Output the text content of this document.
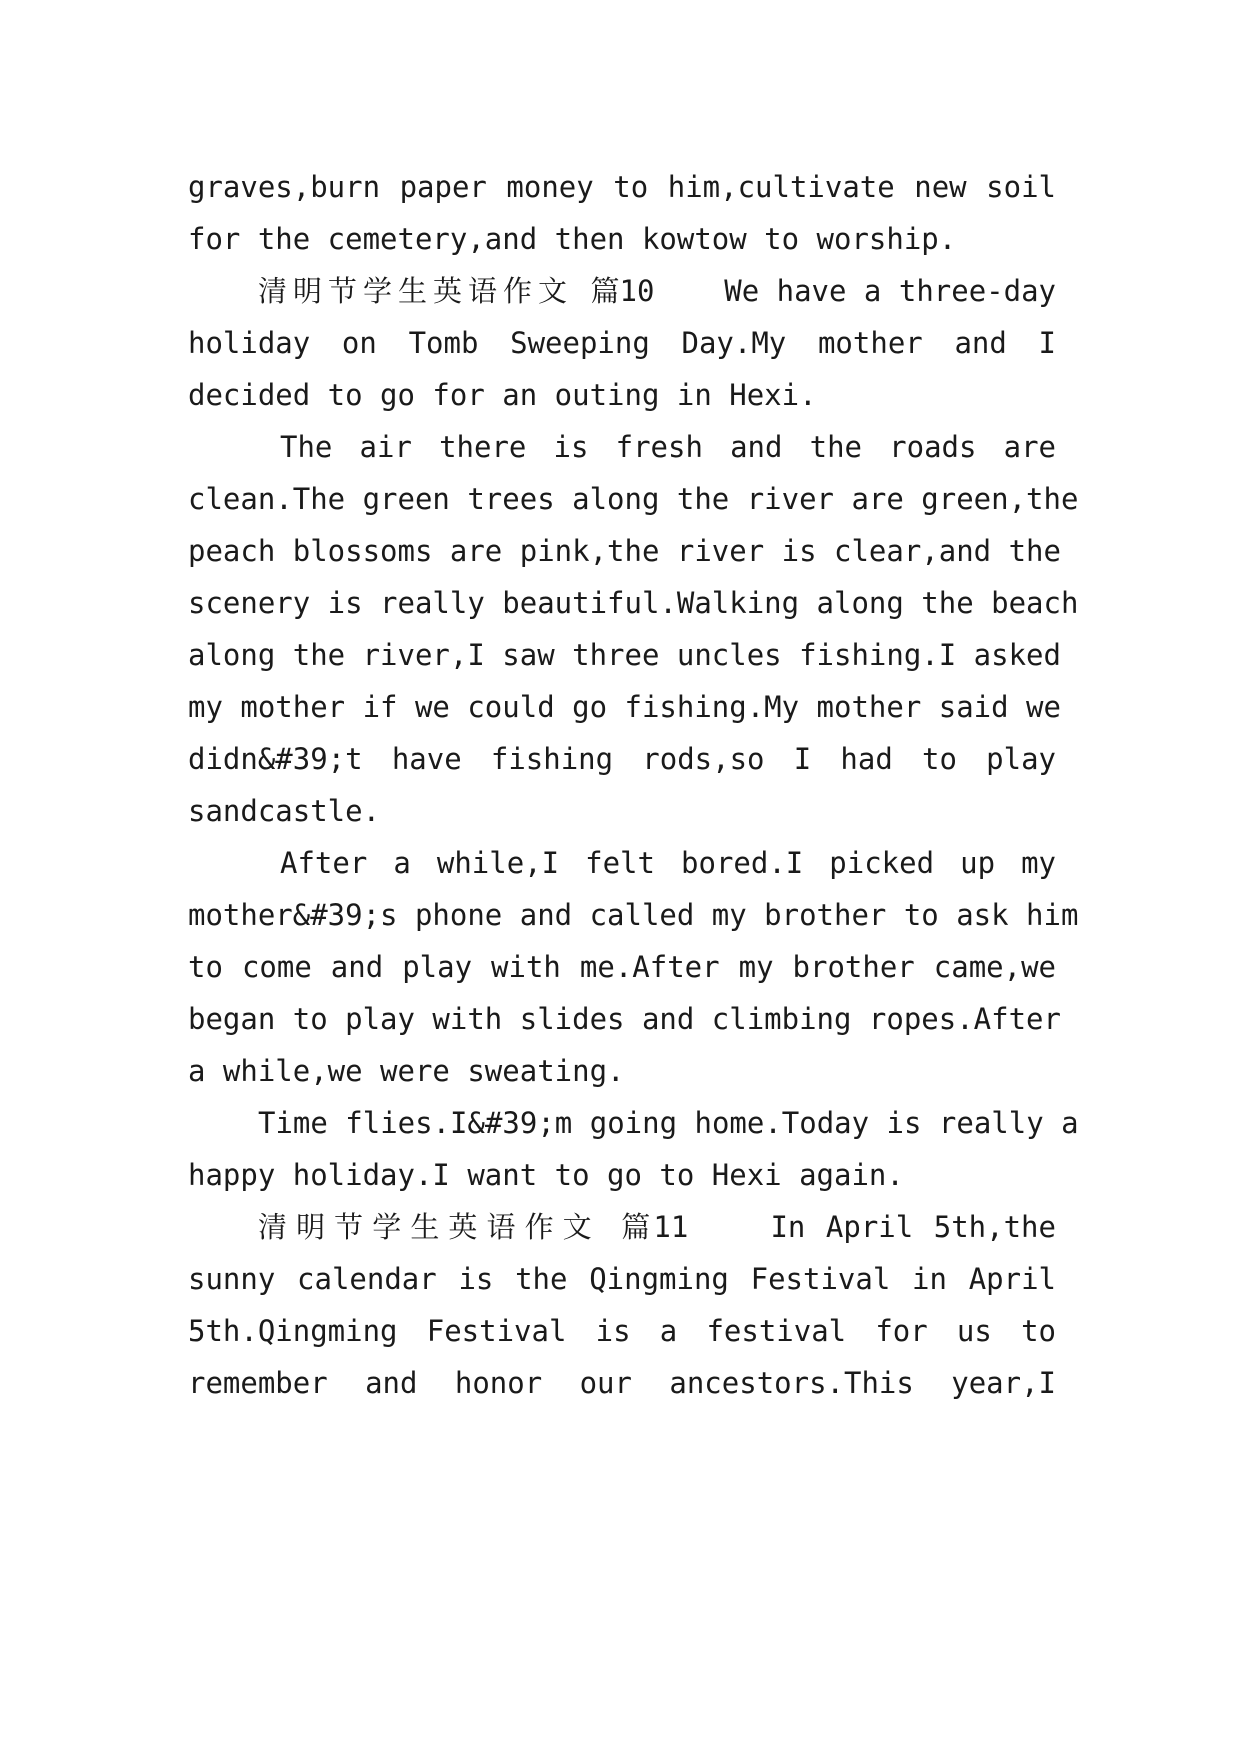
graves,burn paper money to him,cultivate new soil
for the cemetery,and then kowtow to worship.
清明节学生英语作文 篇10    We have a three-day
holiday on Tomb Sweeping Day.My mother and I
decided to go for an outing in Hexi.
The air there is fresh and the roads are
clean.The green trees along the river are green,the
peach blossoms are pink,the river is clear,and the
scenery is really beautiful.Walking along the beach
along the river,I saw three uncles fishing.I asked
my mother if we could go fishing.My mother said we
didn&#39;t have fishing rods,so I had to play
sandcastle.
After a while,I felt bored.I picked up my
mother&#39;s phone and called my brother to ask him
to come and play with me.After my brother came,we
began to play with slides and climbing ropes.After
a while,we were sweating.
Time flies.I&#39;m going home.Today is really a
happy holiday.I want to go to Hexi again.
清明节学生英语作文 篇11    In April 5th,the
sunny calendar is the Qingming Festival in April
5th.Qingming Festival is a festival for us to
remember and honor our ancestors.This year,I
